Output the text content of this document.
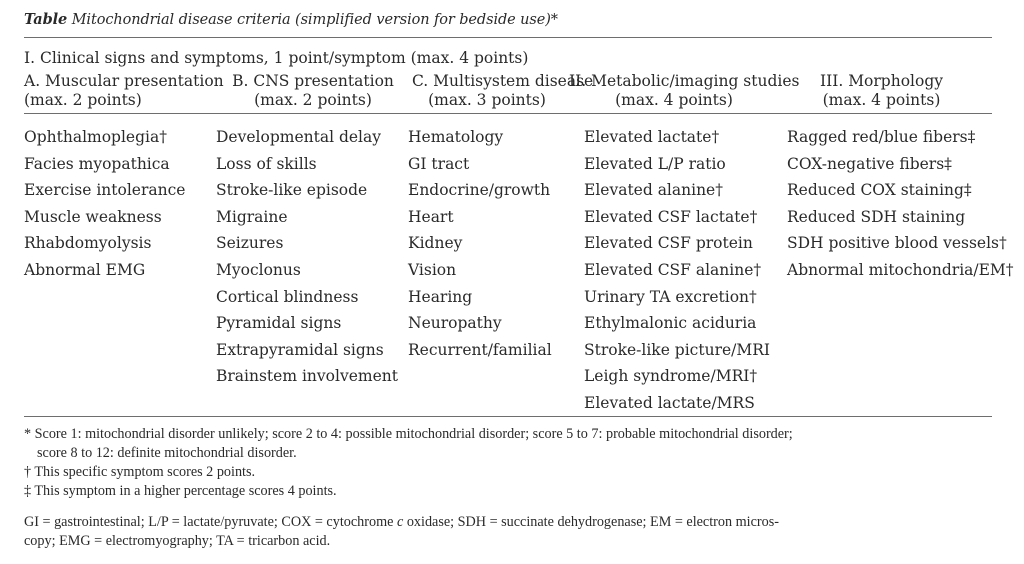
Table Mitochondrial disease criteria (simplified version for bedside use)*
I. Clinical signs and symptoms, 1 point/symptom (max. 4 points)
A. Muscular presentation
(max. 2 points)
B. CNS presentation
(max. 2 points)
C. Multisystem disease
(max. 3 points)
II. Metabolic/imaging studies
(max. 4 points)
III. Morphology
(max. 4 points)
Ophthalmoplegia†
Facies myopathica
Exercise intolerance
Muscle weakness
Rhabdomyolysis
Abnormal EMG
Developmental delay
Loss of skills
Stroke-like episode
Migraine
Seizures
Myoclonus
Cortical blindness
Pyramidal signs
Extrapyramidal signs
Brainstem involvement
Hematology
GI tract
Endocrine/growth
Heart
Kidney
Vision
Hearing
Neuropathy
Recurrent/familial
Elevated lactate†
Elevated L/P ratio
Elevated alanine†
Elevated CSF lactate†
Elevated CSF protein
Elevated CSF alanine†
Urinary TA excretion†
Ethylmalonic aciduria
Stroke-like picture/MRI
Leigh syndrome/MRI†
Elevated lactate/MRS
Ragged red/blue fibers‡
COX-negative fibers‡
Reduced COX staining‡
Reduced SDH staining
SDH positive blood vessels†
Abnormal mitochondria/EM†
* Score 1: mitochondrial disorder unlikely; score 2 to 4: possible mitochondrial disorder; score 5 to 7: probable mitochondrial disorder;
score 8 to 12: definite mitochondrial disorder.
† This specific symptom scores 2 points.
‡ This symptom in a higher percentage scores 4 points.
GI = gastrointestinal; L/P = lactate/pyruvate; COX = cytochrome c oxidase; SDH = succinate dehydrogenase; EM = electron micros-
copy; EMG = electromyography; TA = tricarbon acid.
